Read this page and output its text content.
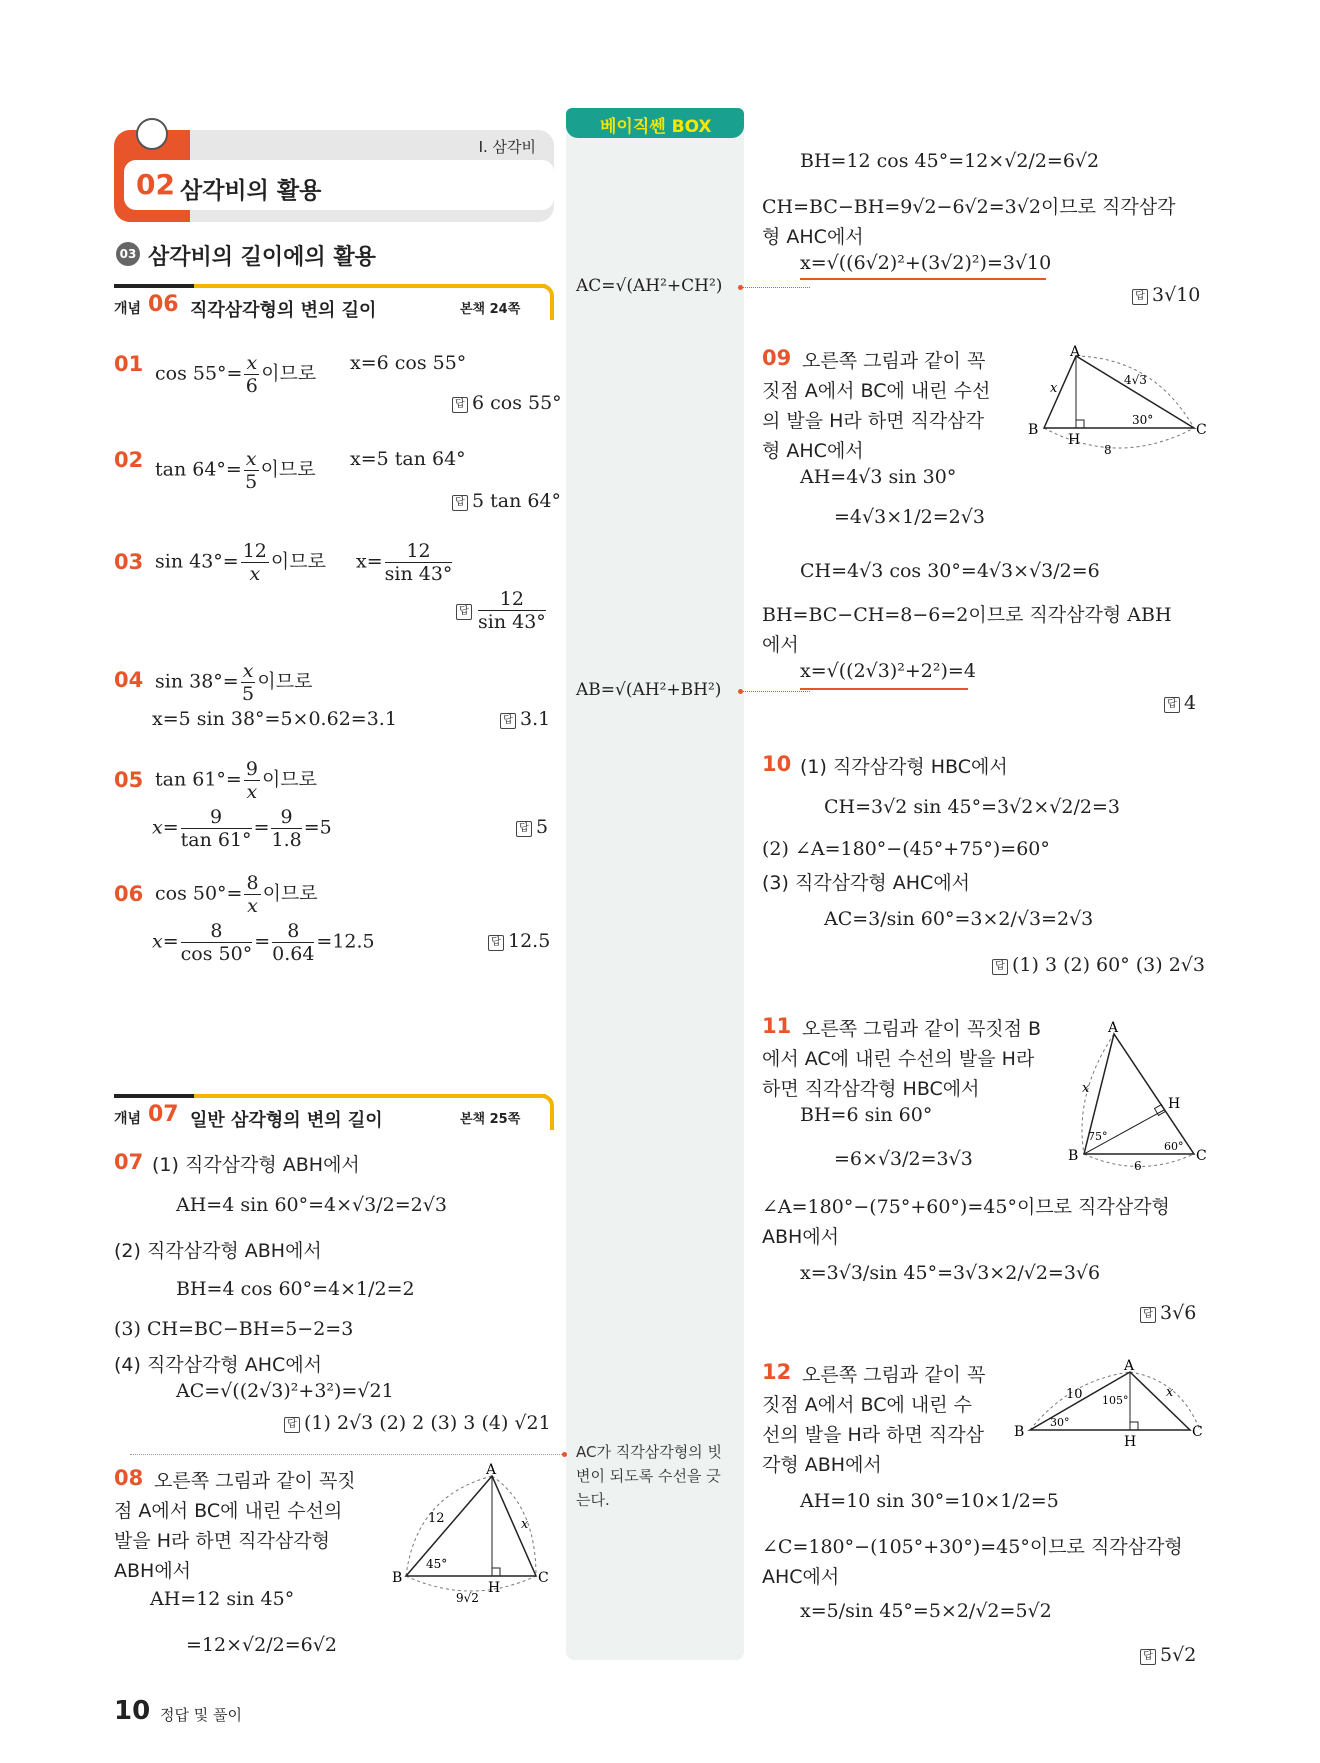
Ⅰ. 삼각비
02 삼각비의 활용
03 삼각비의 길이에의 활용
개념 06 직각삼각형의 변의 길이	본책 24쪽
01 $\cos 55^\circ= \frac{x}{6}$ 이므로 x=6 cos 55°
답 6 cos 55°
02 $\tan 64^\circ= \frac{x}{5}$ 이므로 x=5 tan 64°
답 5 tan 64°
03 $\sin 43^\circ= \frac{12}{x}$ 이므로 $x= \frac{12}{\sin 43^\circ}$
답 $\frac{12}{\sin 43^\circ}$
04 $\sin 38^\circ= \frac{x}{5}$ 이므로
x=5 sin 38°=5×0.62=3.1	답 3.1
05 $\tan 61^\circ= \frac{9}{x}$ 이므로
$x= \frac{9}{\tan 61^\circ} = \frac{9}{1.8} =5$	답 5
06 $\cos 50^\circ= \frac{8}{x}$ 이므로
$x= \frac{8}{\cos 50^\circ} = \frac{8}{0.64} =12.5$	답 12.5
개념 07 일반 삼각형의 변의 길이	본책 25쪽
07 (1) 직각삼각형 ABH에서
AH=4 sin 60°=4×√3/2=2√3
(2) 직각삼각형 ABH에서
BH=4 cos 60°=4×1/2=2
(3) CH=BC−BH=5−2=3
(4) 직각삼각형 AHC에서
AC=√((2√3)²+3²)=√21
답 (1) 2√3 (2) 2 (3) 3 (4) √21
08 오른쪽 그림과 같이 꼭짓
점 A에서 BC에 내린 수선의
발을 H라 하면 직각삼각형
ABH에서
AH=12 sin 45°
=12×√2/2=6√2
A
B	C
H
45°
12	x
9√2
베이직쎈 BOX
AC=√(AH²+CH²)
AB=√(AH²+BH²)
AC가 직각삼각형의 빗변이 되도록 수선을 긋는다.
BH=12 cos 45°=12×√2/2=6√2
CH=BC−BH=9√2−6√2=3√2이므로 직각삼각
형 AHC에서
x=√((6√2)²+(3√2)²)=3√10
답 3√10
09 오른쪽 그림과 같이 꼭
짓점 A에서 BC에 내린 수선
의 발을 H라 하면 직각삼각
형 AHC에서
AH=4√3 sin 30°
=4√3×1/2=2√3
CH=4√3 cos 30°=4√3×√3/2=6
BH=BC−CH=8−6=2이므로 직각삼각형 ABH
에서
x=√((2√3)²+2²)=4
답 4
A
B	C
H
x
4√3
30°
8
10 (1) 직각삼각형 HBC에서
CH=3√2 sin 45°=3√2×√2/2=3
(2) ∠A=180°−(45°+75°)=60°
(3) 직각삼각형 AHC에서
AC=3/sin 60°=3×2/√3=2√3
답 (1) 3 (2) 60° (3) 2√3
11 오른쪽 그림과 같이 꼭짓점 B
에서 AC에 내린 수선의 발을 H라
하면 직각삼각형 HBC에서
BH=6 sin 60°
=6×√3/2=3√3
∠A=180°−(75°+60°)=45°이므로 직각삼각형
ABH에서
x=3√3/sin 45°=3√3×2/√2=3√6
답 3√6
A
B	C
H
x
75°
60°
6
12 오른쪽 그림과 같이 꼭
짓점 A에서 BC에 내린 수
선의 발을 H라 하면 직각삼
각형 ABH에서
AH=10 sin 30°=10×1/2=5
∠C=180°−(105°+30°)=45°이므로 직각삼각형
AHC에서
x=5/sin 45°=5×2/√2=5√2
답 5√2
A
B	C
H
10	x
30°
105°
10 정답 및 풀이
